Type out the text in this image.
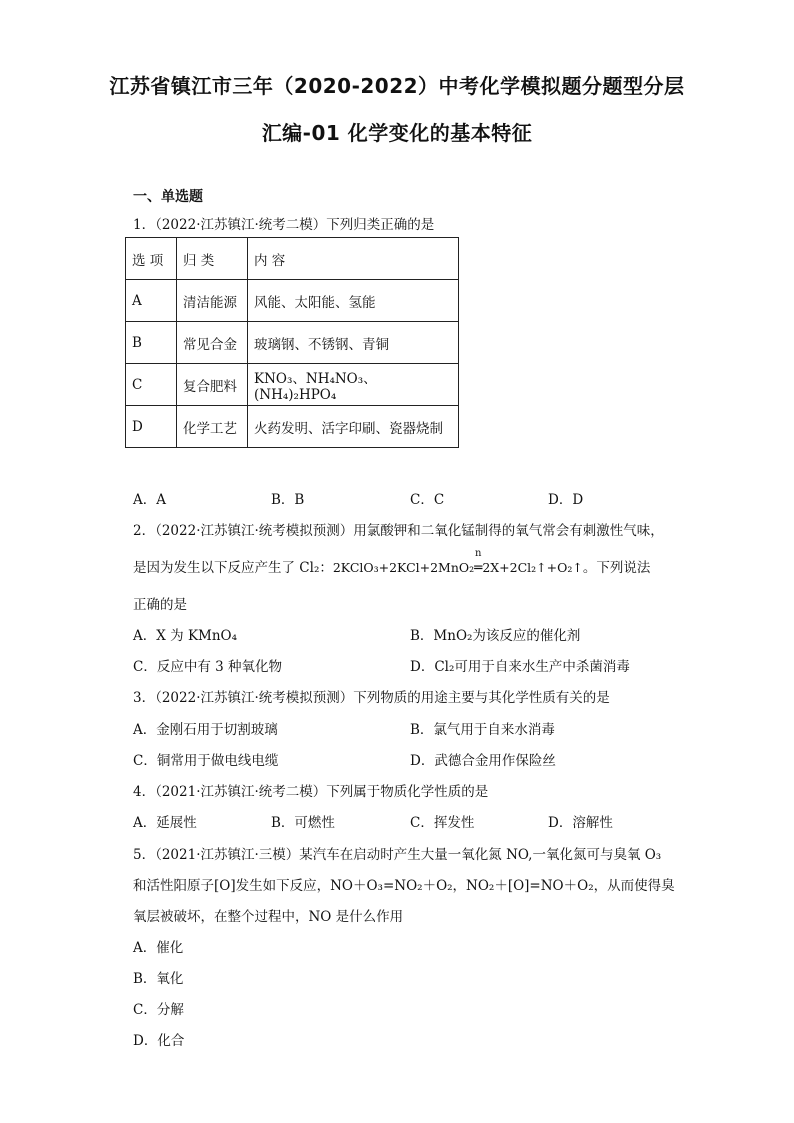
江苏省镇江市三年（2020-2022）中考化学模拟题分题型分层
汇编-01 化学变化的基本特征
一、单选题
1．（2022·江苏镇江·统考二模）下列归类正确的是
选 项	归 类	内 容
A	清洁能源	风能、太阳能、氢能
B	常见合金	玻璃钢、不锈钢、青铜
C	复合肥料	KNO₃、NH₄NO₃、(NH₄)₂HPO₄
D	化学工艺	火药发明、活字印刷、瓷器烧制
A．A	B．B	C．C	D．D
2．（2022·江苏镇江·统考模拟预测）用氯酸钾和二氧化锰制得的氧气常会有刺激性气味，
是因为发生以下反应产生了 Cl₂：2KClO₃+2KCl+2MnO₂
n
═2X+2Cl₂↑+O₂↑。下列说法
正确的是
A．X 为 KMnO₄	B．MnO₂为该反应的催化剂
C．反应中有 3 种氧化物	D．Cl₂可用于自来水生产中杀菌消毒
3．（2022·江苏镇江·统考模拟预测）下列物质的用途主要与其化学性质有关的是
A．金刚石用于切割玻璃	B．氯气用于自来水消毒
C．铜常用于做电线电缆	D．武德合金用作保险丝
4．（2021·江苏镇江·统考二模）下列属于物质化学性质的是
A．延展性	B．可燃性	C．挥发性	D．溶解性
5．（2021·江苏镇江·三模）某汽车在启动时产生大量一氧化氮 NO,一氧化氮可与臭氧 O₃
和活性阳原子[O]发生如下反应，NO＋O₃=NO₂＋O₂，NO₂＋[O]=NO＋O₂，从而使得臭
氧层被破坏，在整个过程中，NO 是什么作用
A．催化
B．氧化
C．分解
D．化合
